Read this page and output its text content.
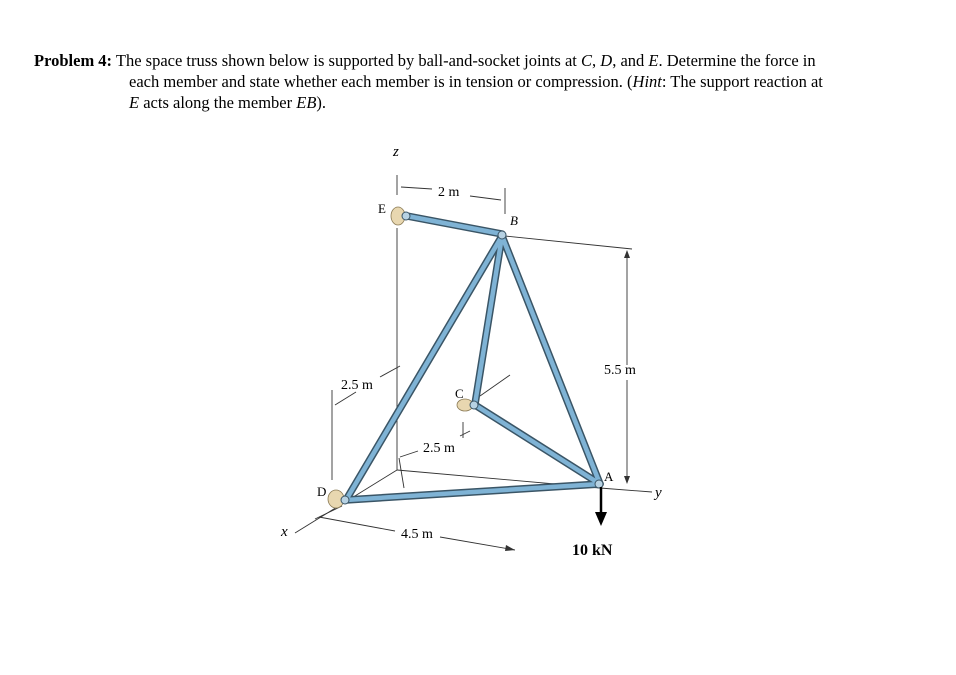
Problem 4: The space truss shown below is supported by ball-and-socket joints at C, D, and E. Determine the force in
each member and state whether each member is in tension or compression. (Hint: The support reaction at
E acts along the member EB).
z
x
y
E
B
C
D
A
2 m
5.5 m
2.5 m
2.5 m
4.5 m
10 kN
